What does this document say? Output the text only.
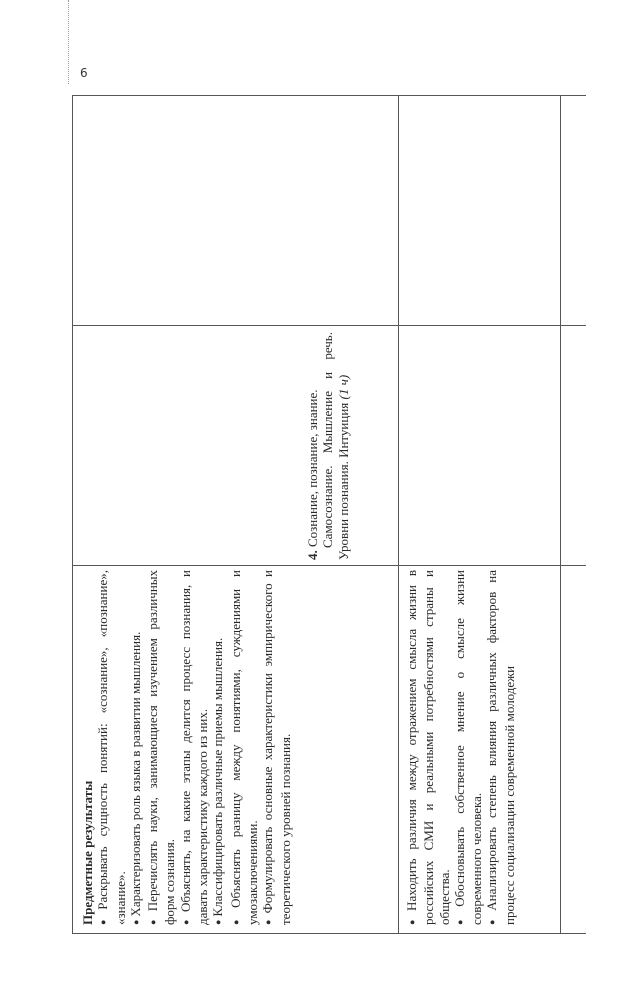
6

● Находить различия между отражением смысла жизни в российских СМИ и реальными потребностями страны и общества.

● Обосновывать собственное мнение о смысле жизни современного человека.

● Анализировать степень влияния различных факторов на процесс социализации современной молодежи

4. Сознание, познание, знание. Самосознание. Мышление и речь. Уровни познания. Интуиция (1 ч)

Предметные результаты

● Раскрывать сущность понятий: «сознание», «познание», «знание».

● Характеризовать роль языка в развитии мышления.

● Перечислять науки, занимающиеся изучением различных форм сознания.

● Объяснять, на какие этапы делится процесс познания, и давать характеристику каждого из них.

● Классифицировать различные приемы мышления.

● Объяснять разницу между понятиями, суждениями и умозаключениями.

● Формулировать основные характеристики эмпирического и теоретического уровней познания.
